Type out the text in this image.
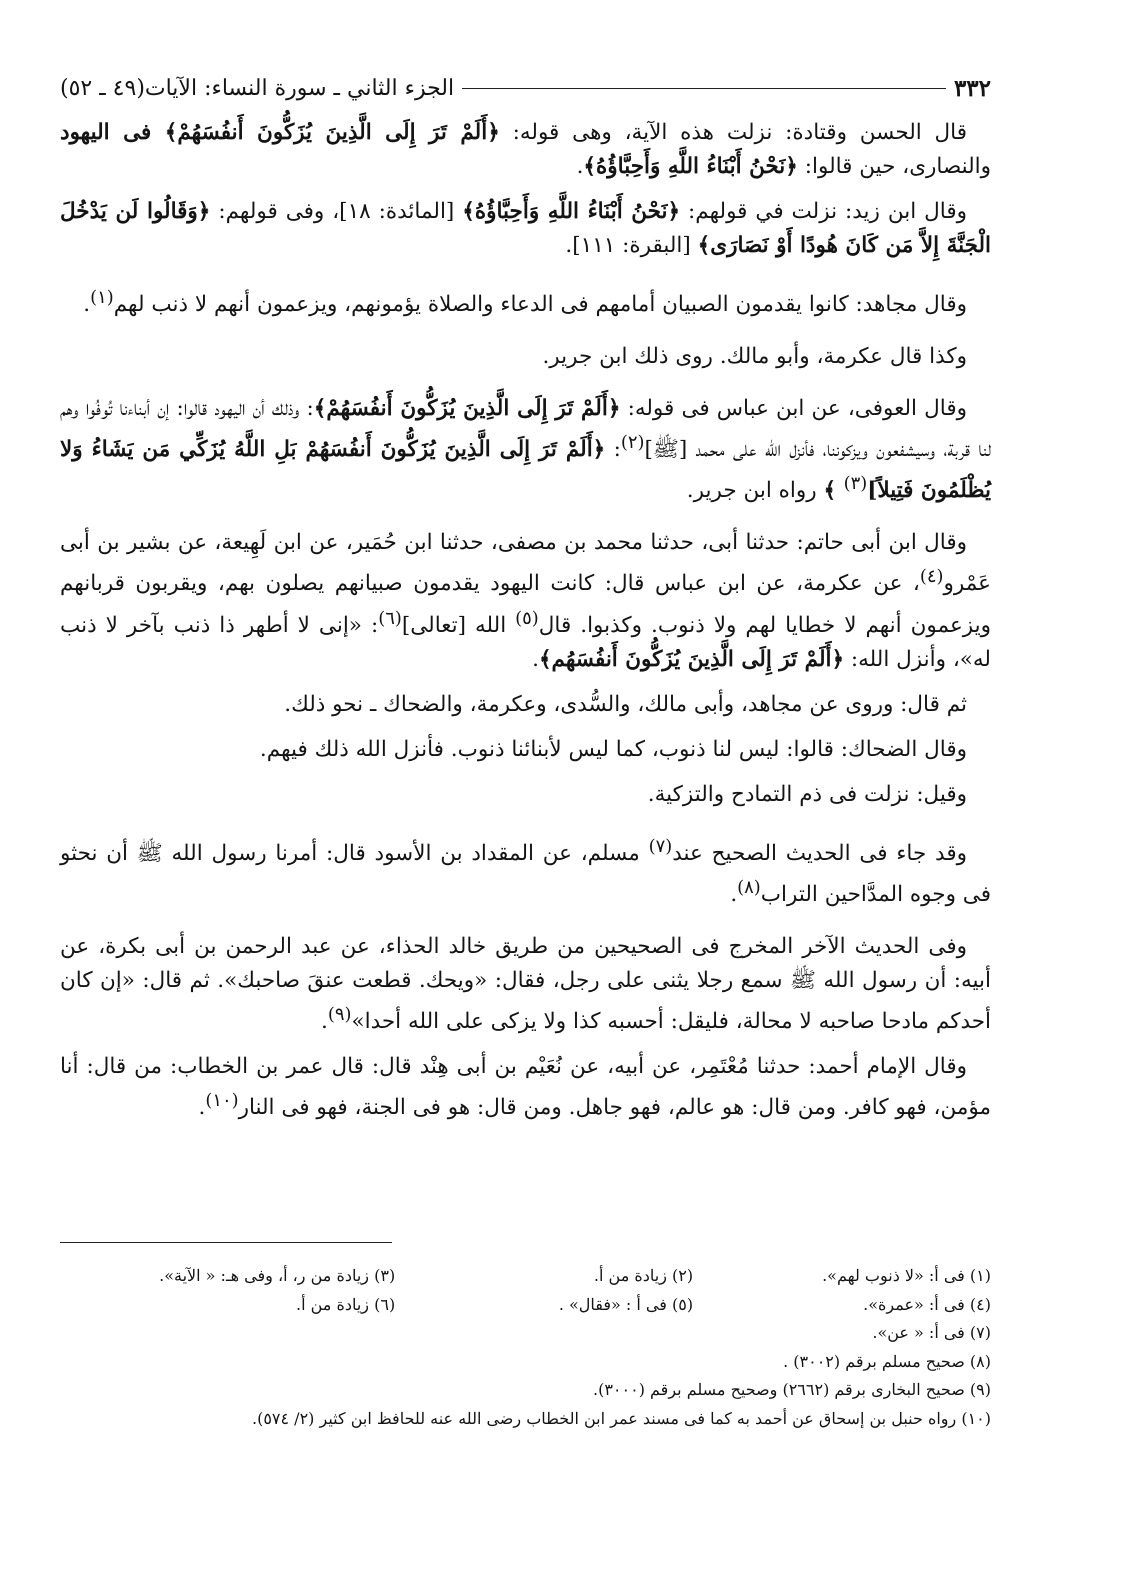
٣٣٢
الجزء الثاني ـ سورة النساء: الآيات(٤٩ ـ ٥٢)

قال الحسن وقتادة: نزلت هذه الآية، وهى قوله: ﴿أَلَمْ تَرَ إِلَى الَّذِينَ يُزَكُّونَ أَنفُسَهُمْ﴾ فى اليهود والنصارى، حين قالوا: ﴿نَحْنُ أَبْنَاءُ اللَّهِ وَأَحِبَّاؤُهُ﴾.

وقال ابن زيد: نزلت في قولهم: ﴿نَحْنُ أَبْنَاءُ اللَّهِ وَأَحِبَّاؤُهُ﴾ [المائدة: ١٨]، وفى قولهم: ﴿وَقَالُوا لَن يَدْخُلَ الْجَنَّةَ إِلاَّ مَن كَانَ هُودًا أَوْ نَصَارَى﴾ [البقرة: ١١١].

وقال مجاهد: كانوا يقدمون الصبيان أمامهم فى الدعاء والصلاة يؤمونهم، ويزعمون أنهم لا ذنب لهم$^{(١)}$.

وكذا قال عكرمة، وأبو مالك. روى ذلك ابن جرير.

وقال العوفى، عن ابن عباس فى قوله: ﴿أَلَمْ تَرَ إِلَى الَّذِينَ يُزَكُّونَ أَنفُسَهُمْ﴾: وذلك أن اليهود قالوا: إن أبناءنا تُوفُوا وهم لنا قربة، وسيشفعون ويزكوننا، فأنزل الله على محمد [ﷺ]$^{(٢)}$: ﴿أَلَمْ تَرَ إِلَى الَّذِينَ يُزَكُّونَ أَنفُسَهُمْ بَلِ اللَّهُ يُزَكِّي مَن يَشَاءُ وَلا يُظْلَمُونَ فَتِيلاً]$^{(٣)}$ ﴾ رواه ابن جرير.

وقال ابن أبى حاتم: حدثنا أبى، حدثنا محمد بن مصفى، حدثنا ابن حُمَير، عن ابن لَهِيعة، عن بشير بن أبى عَمْرو$^{(٤)}$، عن عكرمة، عن ابن عباس قال: كانت اليهود يقدمون صبيانهم يصلون بهم، ويقربون قربانهم ويزعمون أنهم لا خطايا لهم ولا ذنوب. وكذبوا. قال$^{(٥)}$ الله [تعالى]$^{(٦)}$: «إنى لا أطهر ذا ذنب بآخر لا ذنب له»، وأنزل الله: ﴿أَلَمْ تَرَ إِلَى الَّذِينَ يُزَكُّونَ أَنفُسَهُم﴾.

ثم قال: وروى عن مجاهد، وأبى مالك، والسُّدى، وعكرمة، والضحاك ـ نحو ذلك.

وقال الضحاك: قالوا: ليس لنا ذنوب، كما ليس لأبنائنا ذنوب. فأنزل الله ذلك فيهم.

وقيل: نزلت فى ذم التمادح والتزكية.

وقد جاء فى الحديث الصحيح عند$^{(٧)}$ مسلم، عن المقداد بن الأسود قال: أمرنا رسول الله ﷺ أن نحثو فى وجوه المدَّاحين التراب$^{(٨)}$.

وفى الحديث الآخر المخرج فى الصحيحين من طريق خالد الحذاء، عن عبد الرحمن بن أبى بكرة، عن أبيه: أن رسول الله ﷺ سمع رجلا يثنى على رجل، فقال: «ويحك. قطعت عنقَ صاحبك». ثم قال: «إن كان أحدكم مادحا صاحبه لا محالة، فليقل: أحسبه كذا ولا يزكى على الله أحدا»$^{(٩)}$.

وقال الإمام أحمد: حدثنا مُعْتَمِر، عن أبيه، عن نُعَيْم بن أبى هِنْد قال: قال عمر بن الخطاب: من قال: أنا مؤمن، فهو كافر. ومن قال: هو عالم، فهو جاهل. ومن قال: هو فى الجنة، فهو فى النار$^{(١٠)}$.

(١) فى أ: «لا ذنوب لهم».
(٢) زيادة من أ.
(٣) زيادة من ر، أ، وفى هـ: « الآية».
(٤) فى أ: «عمرة».
(٥) فى أ : «فقال» .
(٦) زيادة من أ.
(٧) فى أ: « عن».
(٨) صحيح مسلم برقم (٣٠٠٢) .
(٩) صحيح البخارى برقم (٢٦٦٢) وصحيح مسلم برقم (٣٠٠٠).
(١٠) رواه حنبل بن إسحاق عن أحمد به كما فى مسند عمر ابن الخطاب رضى الله عنه للحافظ ابن كثير (٢/ ٥٧٤).
